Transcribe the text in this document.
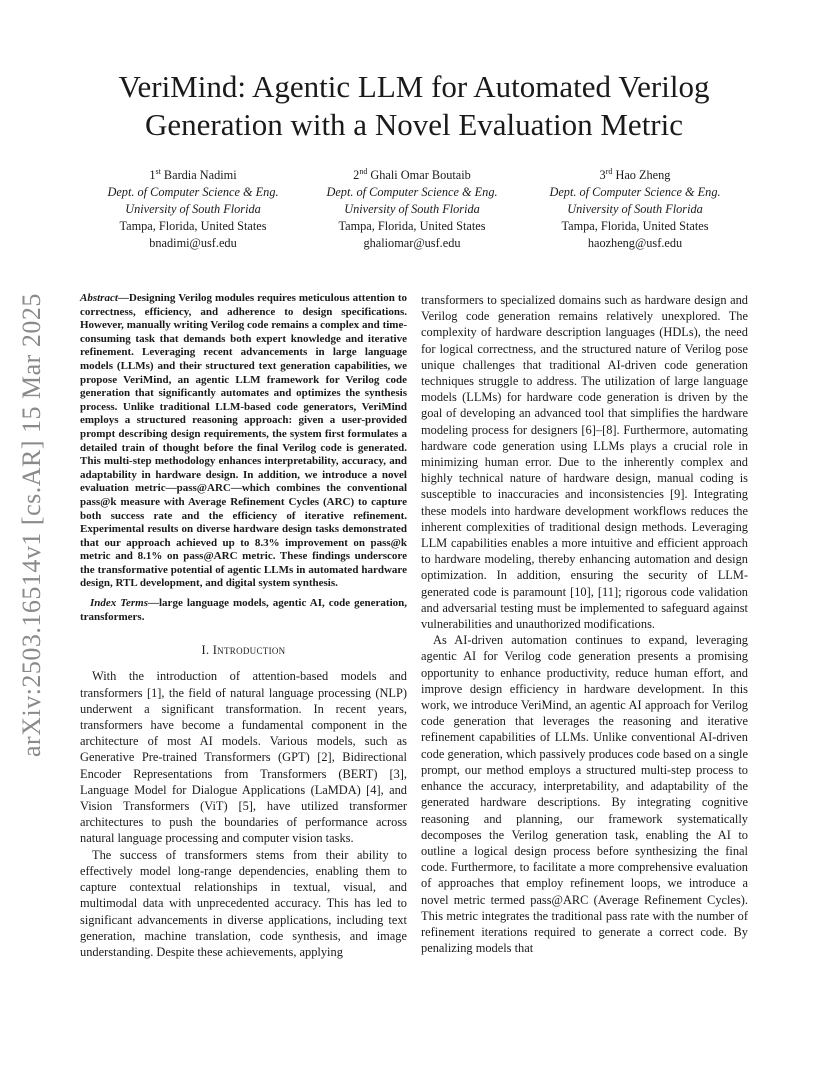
VeriMind: Agentic LLM for Automated Verilog Generation with a Novel Evaluation Metric
1st Bardia Nadimi
Dept. of Computer Science & Eng.
University of South Florida
Tampa, Florida, United States
bnadimi@usf.edu
2nd Ghali Omar Boutaib
Dept. of Computer Science & Eng.
University of South Florida
Tampa, Florida, United States
ghaliomar@usf.edu
3rd Hao Zheng
Dept. of Computer Science & Eng.
University of South Florida
Tampa, Florida, United States
haozheng@usf.edu
arXiv:2503.16514v1 [cs.AR] 15 Mar 2025	Abstract—Designing Verilog modules requires meticulous attention to correctness, efficiency, and adherence to design specifications. However, manually writing Verilog code remains a complex and time-consuming task that demands both expert knowledge and iterative refinement. Leveraging recent advancements in large language models (LLMs) and their structured text generation capabilities, we propose VeriMind, an agentic LLM framework for Verilog code generation that significantly automates and optimizes the synthesis process. Unlike traditional LLM-based code generators, VeriMind employs a structured reasoning approach: given a user-provided prompt describing design requirements, the system first formulates a detailed train of thought before the final Verilog code is generated. This multi-step methodology enhances interpretability, accuracy, and adaptability in hardware design. In addition, we introduce a novel evaluation metric—pass@ARC—which combines the conventional pass@k measure with Average Refinement Cycles (ARC) to capture both success rate and the efficiency of iterative refinement. Experimental results on diverse hardware design tasks demonstrated that our approach achieved up to 8.3% improvement on pass@k metric and 8.1% on pass@ARC metric. These findings underscore the transformative potential of agentic LLMs in automated hardware design, RTL development, and digital system synthesis.

Index Terms—large language models, agentic AI, code generation, transformers.

I. Introduction

With the introduction of attention-based models and transformers [1], the field of natural language processing (NLP) underwent a significant transformation. In recent years, transformers have become a fundamental component in the architecture of most AI models. Various models, such as Generative Pre-trained Transformers (GPT) [2], Bidirectional Encoder Representations from Transformers (BERT) [3], Language Model for Dialogue Applications (LaMDA) [4], and Vision Transformers (ViT) [5], have utilized transformer architectures to push the boundaries of performance across natural language processing and computer vision tasks.

The success of transformers stems from their ability to effectively model long-range dependencies, enabling them to capture contextual relationships in textual, visual, and multimodal data with unprecedented accuracy. This has led to significant advancements in diverse applications, including text generation, machine translation, code synthesis, and image understanding. Despite these achievements, applying

transformers to specialized domains such as hardware design and Verilog code generation remains relatively unexplored. The complexity of hardware description languages (HDLs), the need for logical correctness, and the structured nature of Verilog pose unique challenges that traditional AI-driven code generation techniques struggle to address. The utilization of large language models (LLMs) for hardware code generation is driven by the goal of developing an advanced tool that simplifies the hardware modeling process for designers [6]–[8]. Furthermore, automating hardware code generation using LLMs plays a crucial role in minimizing human error. Due to the inherently complex and highly technical nature of hardware design, manual coding is susceptible to inaccuracies and inconsistencies [9]. Integrating these models into hardware development workflows reduces the inherent complexities of traditional design methods. Leveraging LLM capabilities enables a more intuitive and efficient approach to hardware modeling, thereby enhancing automation and design optimization. In addition, ensuring the security of LLM-generated code is paramount [10], [11]; rigorous code validation and adversarial testing must be implemented to safeguard against vulnerabilities and unauthorized modifications.

As AI-driven automation continues to expand, leveraging agentic AI for Verilog code generation presents a promising opportunity to enhance productivity, reduce human effort, and improve design efficiency in hardware development. In this work, we introduce VeriMind, an agentic AI approach for Verilog code generation that leverages the reasoning and iterative refinement capabilities of LLMs. Unlike conventional AI-driven code generation, which passively produces code based on a single prompt, our method employs a structured multi-step process to enhance the accuracy, interpretability, and adaptability of the generated hardware descriptions. By integrating cognitive reasoning and planning, our framework systematically decomposes the Verilog generation task, enabling the AI to outline a logical design process before synthesizing the final code. Furthermore, to facilitate a more comprehensive evaluation of approaches that employ refinement loops, we introduce a novel metric termed pass@ARC (Average Refinement Cycles). This metric integrates the traditional pass rate with the number of refinement iterations required to generate a correct code. By penalizing models that
